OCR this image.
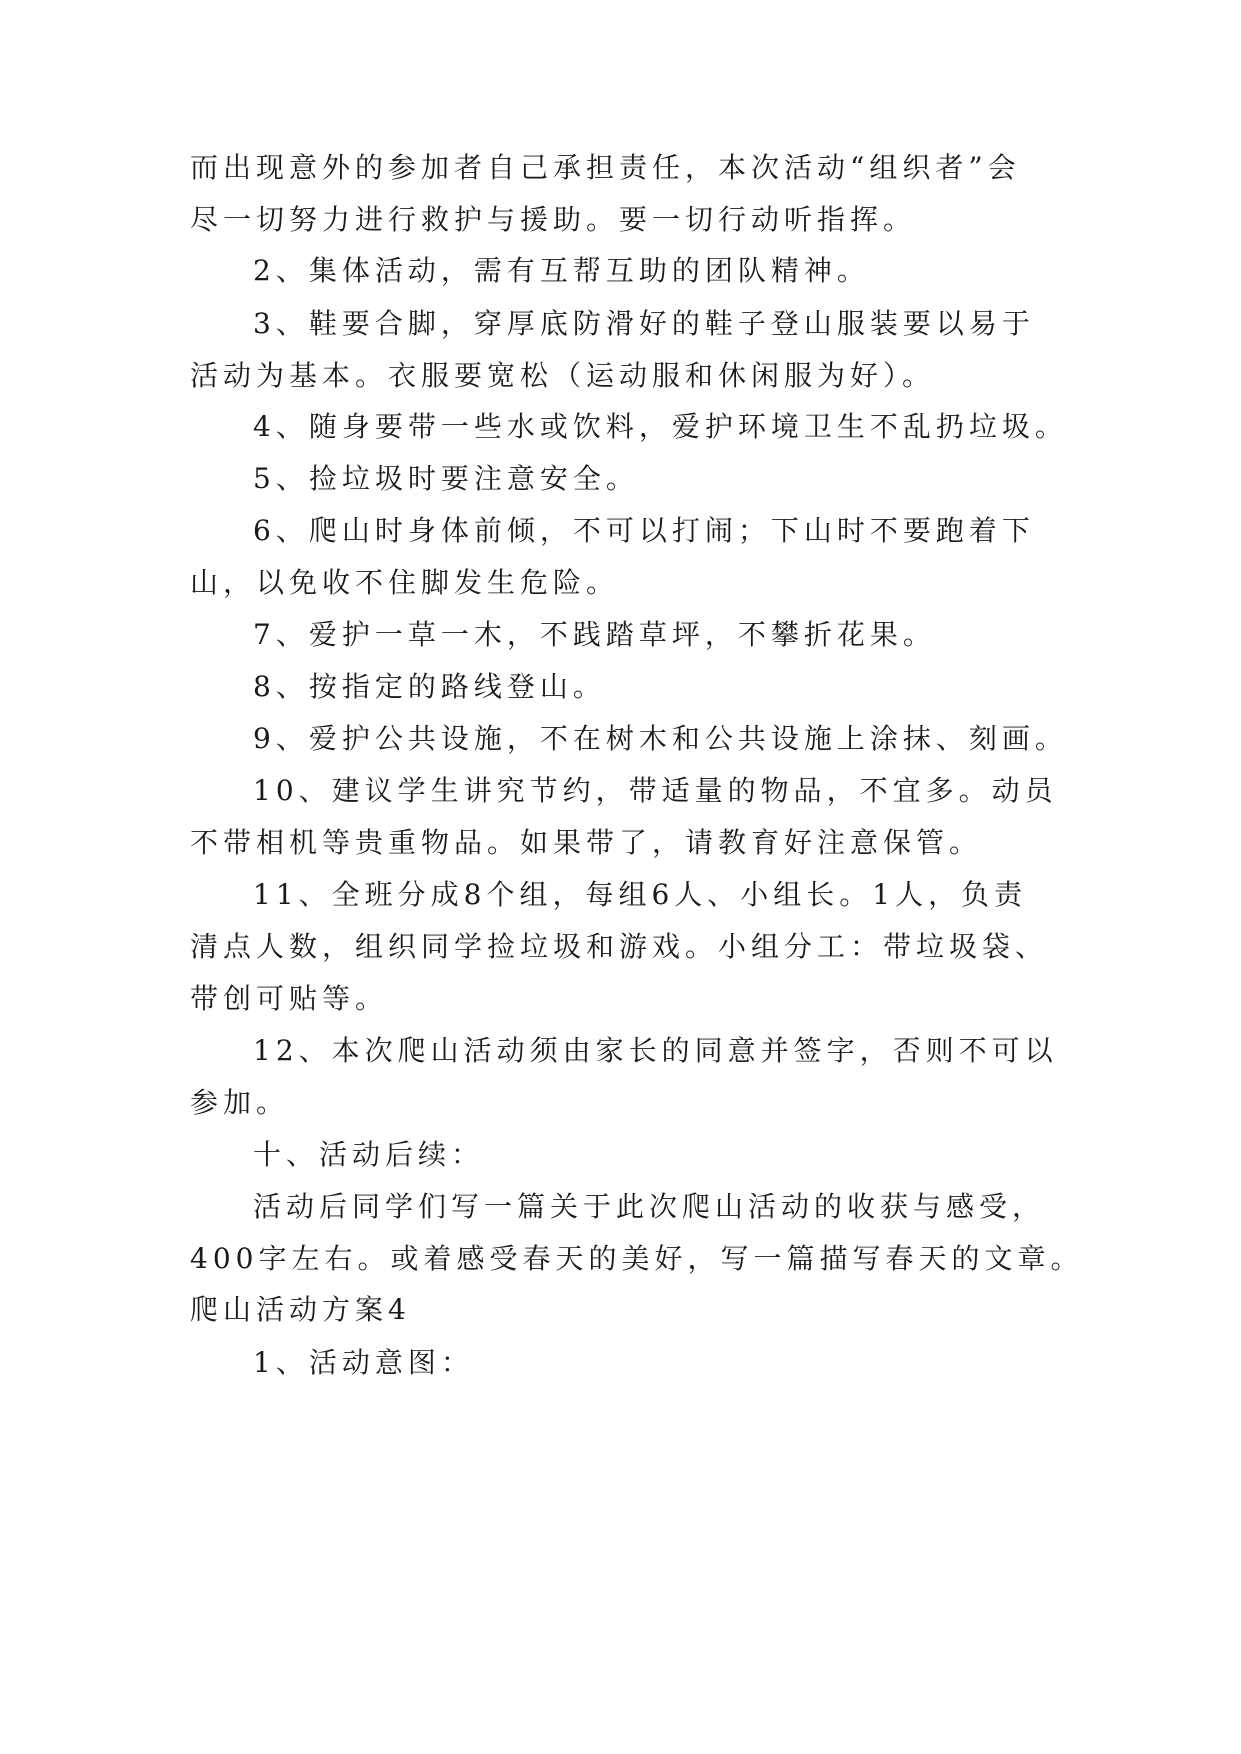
而出现意外的参加者自己承担责任，本次活动“组织者”会
尽一切努力进行救护与援助。要一切行动听指挥。
2、集体活动，需有互帮互助的团队精神。
3、鞋要合脚，穿厚底防滑好的鞋子登山服装要以易于
活动为基本。衣服要宽松（运动服和休闲服为好）。
4、随身要带一些水或饮料，爱护环境卫生不乱扔垃圾。
5、捡垃圾时要注意安全。
6、爬山时身体前倾，不可以打闹；下山时不要跑着下
山，以免收不住脚发生危险。
7、爱护一草一木，不践踏草坪，不攀折花果。
8、按指定的路线登山。
9、爱护公共设施，不在树木和公共设施上涂抹、刻画。
10、建议学生讲究节约，带适量的物品，不宜多。动员
不带相机等贵重物品。如果带了，请教育好注意保管。
11、全班分成8个组，每组6人、小组长。1人，负责
清点人数，组织同学捡垃圾和游戏。小组分工：带垃圾袋、
带创可贴等。
12、本次爬山活动须由家长的同意并签字，否则不可以
参加。
十、活动后续：
活动后同学们写一篇关于此次爬山活动的收获与感受，
400字左右。或着感受春天的美好，写一篇描写春天的文章。
爬山活动方案4
1、活动意图：
